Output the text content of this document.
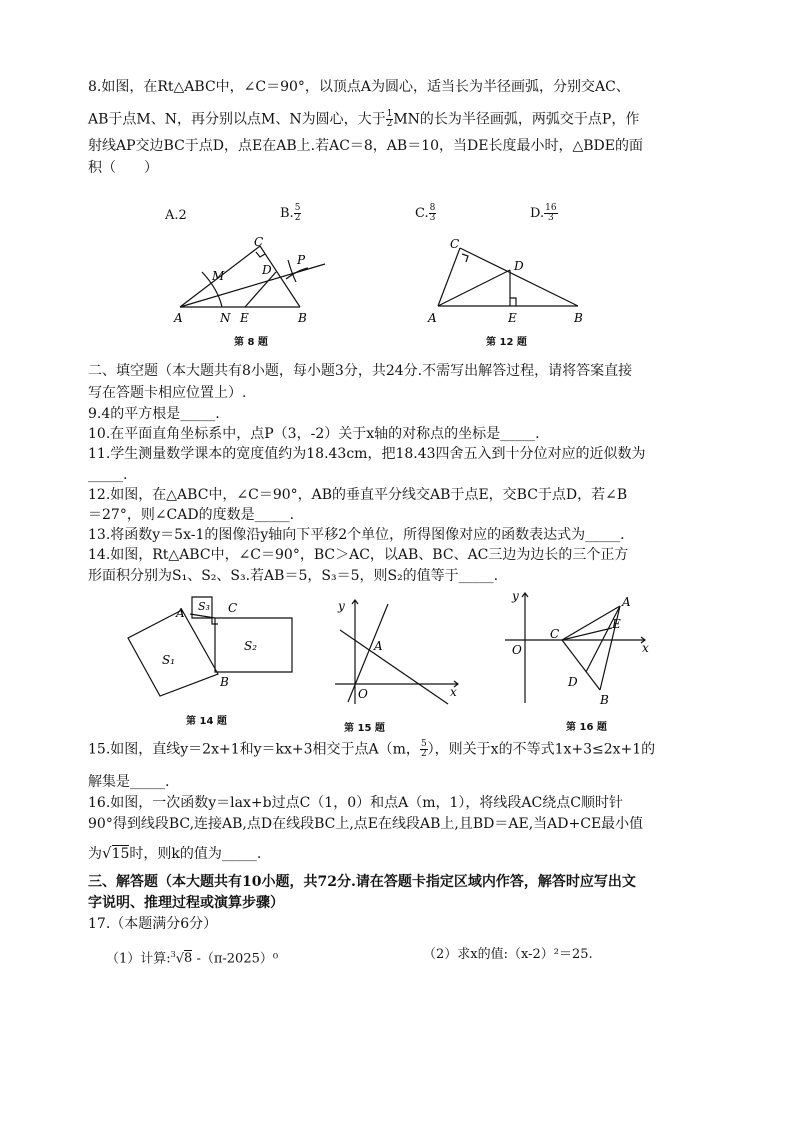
8.如图，在Rt△ABC中，∠C＝90°，以顶点A为圆心，适当长为半径画弧，分别交AC、
AB于点M、N，再分别以点M、N为圆心，大于 $\frac{1}{2}$ MN的长为半径画弧，两弧交于点P，作
射线AP交边BC于点D，点E在AB上.若AC＝8，AB＝10，当DE长度最小时，△BDE的面
积（　　）
A.2	B. $\frac{5}{2}$	C. $\frac{8}{3}$	D. $\frac{16}{3}$
A
C
B
D
E
M
N
P
第 8 题
A
C
B
D
E
第 12 题
二、填空题（本大题共有8小题，每小题3分，共24分.不需写出解答过程，请将答案直接
写在答题卡相应位置上）.
9.4的平方根是_____.
10.在平面直角坐标系中，点P（3，-2）关于x轴的对称点的坐标是_____.
11.学生测量数学课本的宽度值约为18.43cm，把18.43四舍五入到十分位对应的近似数为
_____.
12.如图，在△ABC中，∠C＝90°，AB的垂直平分线交AB于点E，交BC于点D，若∠B
＝27°，则∠CAD的度数是_____.
13.将函数y＝5x-1的图像沿y轴向下平移2个单位，所得图像对应的函数表达式为_____.
14.如图，Rt△ABC中，∠C＝90°，BC＞AC，以AB、BC、AC三边为边长的三个正方
形面积分别为S₁、S₂、S₃.若AB＝5，S₃＝5，则S₂的值等于_____.
S₃ C
A
S₁
S₂
B
第 14 题
y
x
O
A
第 15 题
y
x
O
C
A
E
D
B
第 16 题
15.如图，直线y＝2x+1和y＝kx+3相交于点A（m， $\frac{5}{2}$ ），则关于x的不等式1x+3≤2x+1的
解集是_____.
16.如图，一次函数y＝lax+b过点C（1，0）和点A（m，1），将线段AC绕点C顺时针
90°得到线段BC,连接AB,点D在线段BC上,点E在线段AB上,且BD＝AE,当AD+CE最小值
为√15时，则k的值为_____.
三、解答题（本大题共有10小题，共72分.请在答题卡指定区域内作答，解答时应写出文
字说明、推理过程或演算步骤）
17.（本题满分6分）
（1）计算:$^3$√8 -（π-2025）⁰	（2）求x的值:（x-2）²＝25.
